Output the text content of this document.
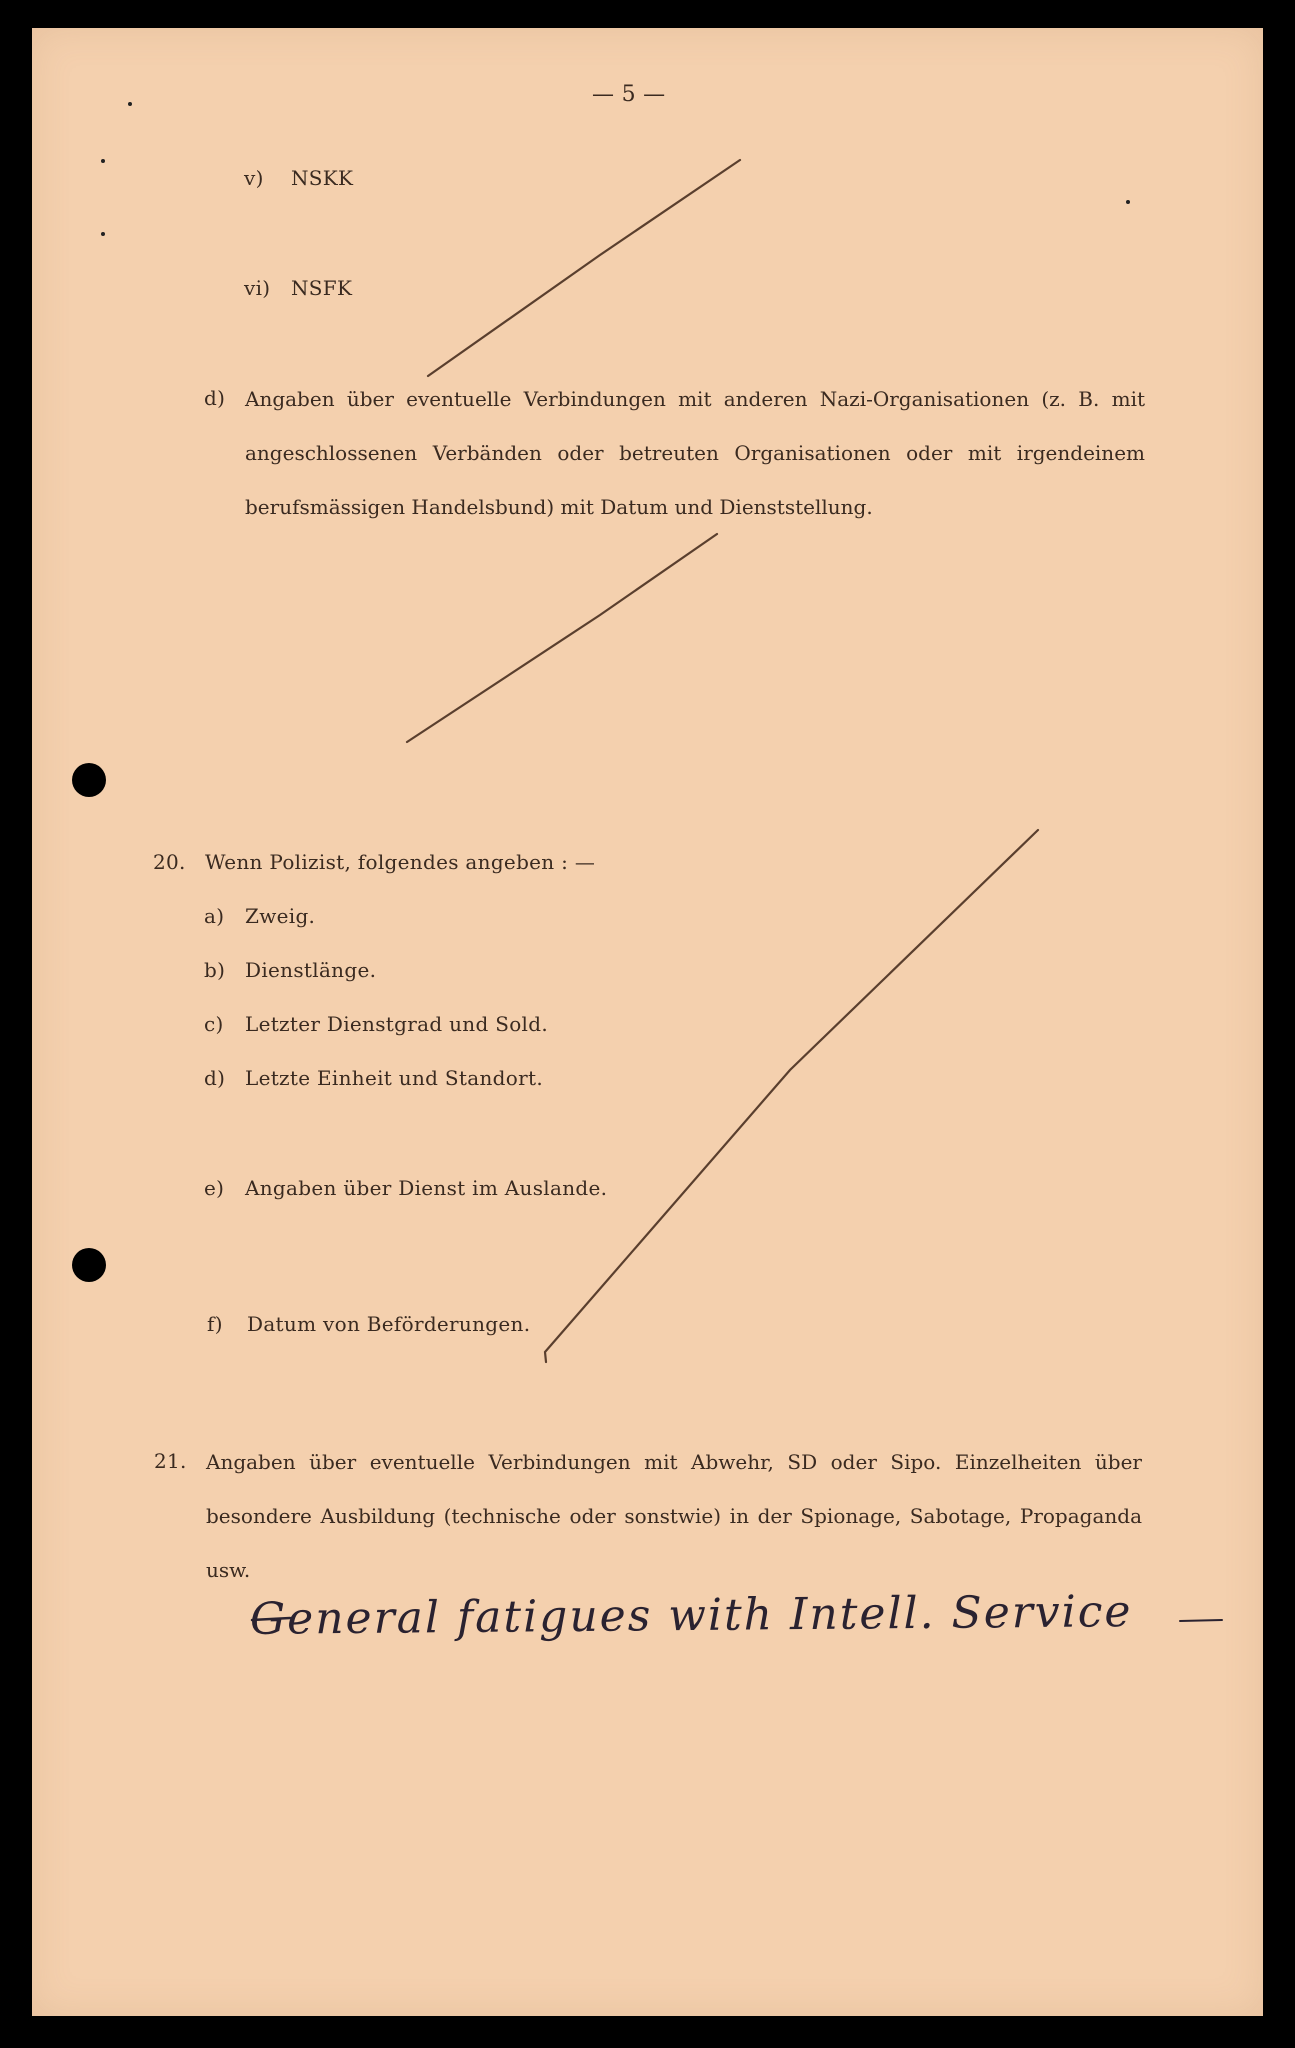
— 5 —
v) NSKK
vi) NSFK
d) Angaben über eventuelle Verbindungen mit anderen Nazi-Organisationen (z. B. mit angeschlossenen Verbänden oder betreuten Organisationen oder mit irgendeinem berufsmässigen Handelsbund) mit Datum und Dienststellung.
20. Wenn Polizist, folgendes angeben : —
a) Zweig.
b) Dienstlänge.
c) Letzter Dienstgrad und Sold.
d) Letzte Einheit und Standort.
e) Angaben über Dienst im Auslande.
f) Datum von Beförderungen.
21. Angaben über eventuelle Verbindungen mit Abwehr, SD oder Sipo. Einzelheiten über besondere Ausbildung (technische oder sonstwie) in der Spionage, Sabotage, Propaganda usw.
General fatigues with Intell. Service
